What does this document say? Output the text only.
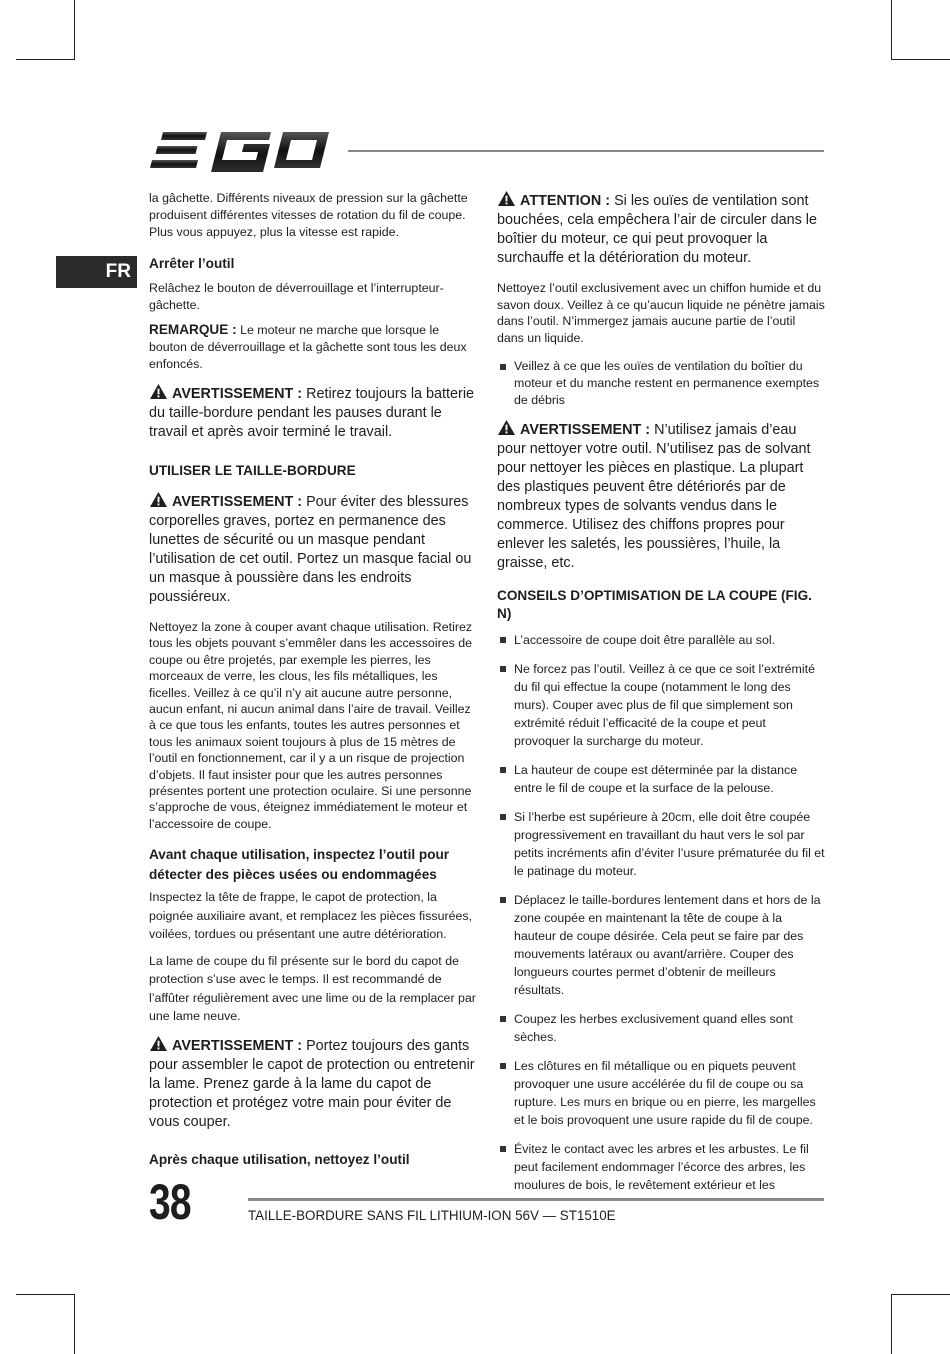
FR

la gâchette. Différents niveaux de pression sur la gâchette produisent différentes vitesses de rotation du fil de coupe. Plus vous appuyez, plus la vitesse est rapide.

Arrêter l’outil

Relâchez le bouton de déverrouillage et l’interrupteur-gâchette.

REMARQUE : Le moteur ne marche que lorsque le bouton de déverrouillage et la gâchette sont tous les deux enfoncés.

AVERTISSEMENT : Retirez toujours la batterie du taille-bordure pendant les pauses durant le travail et après avoir terminé le travail.

UTILISER LE TAILLE-BORDURE

AVERTISSEMENT : Pour éviter des blessures corporelles graves, portez en permanence des lunettes de sécurité ou un masque pendant l’utilisation de cet outil. Portez un masque facial ou un masque à poussière dans les endroits poussiéreux.

Nettoyez la zone à couper avant chaque utilisation. Retirez tous les objets pouvant s’emmêler dans les accessoires de coupe ou être projetés, par exemple les pierres, les morceaux de verre, les clous, les fils métalliques, les ficelles. Veillez à ce qu’il n’y ait aucune autre personne, aucun enfant, ni aucun animal dans l’aire de travail. Veillez à ce que tous les enfants, toutes les autres personnes et tous les animaux soient toujours à plus de 15 mètres de l’outil en fonctionnement, car il y a un risque de projection d’objets. Il faut insister pour que les autres personnes présentes portent une protection oculaire. Si une personne s’approche de vous, éteignez immédiatement le moteur et l’accessoire de coupe.

Avant chaque utilisation, inspectez l’outil pour détecter des pièces usées ou endommagées

Inspectez la tête de frappe, le capot de protection, la poignée auxiliaire avant, et remplacez les pièces fissurées, voilées, tordues ou présentant une autre détérioration.

La lame de coupe du fil présente sur le bord du capot de protection s’use avec le temps. Il est recommandé de l’affûter régulièrement avec une lime ou de la remplacer par une lame neuve.

AVERTISSEMENT : Portez toujours des gants pour assembler le capot de protection ou entretenir la lame. Prenez garde à la lame du capot de protection et protégez votre main pour éviter de vous couper.

Après chaque utilisation, nettoyez l’outil

ATTENTION : Si les ouïes de ventilation sont bouchées, cela empêchera l’air de circuler dans le boîtier du moteur, ce qui peut provoquer la surchauffe et la détérioration du moteur.

Nettoyez l’outil exclusivement avec un chiffon humide et du savon doux. Veillez à ce qu’aucun liquide ne pénètre jamais dans l’outil. N’immergez jamais aucune partie de l’outil dans un liquide.

Veillez à ce que les ouïes de ventilation du boîtier du moteur et du manche restent en permanence exemptes de débris

AVERTISSEMENT : N’utilisez jamais d’eau pour nettoyer votre outil. N’utilisez pas de solvant pour nettoyer les pièces en plastique. La plupart des plastiques peuvent être détériorés par de nombreux types de solvants vendus dans le commerce. Utilisez des chiffons propres pour enlever les saletés, les poussières, l’huile, la graisse, etc.

CONSEILS D’OPTIMISATION DE LA COUPE (FIG. N)

L’accessoire de coupe doit être parallèle au sol.
Ne forcez pas l’outil. Veillez à ce que ce soit l’extrémité du fil qui effectue la coupe (notamment le long des murs). Couper avec plus de fil que simplement son extrémité réduit l’efficacité de la coupe et peut provoquer la surcharge du moteur.
La hauteur de coupe est déterminée par la distance entre le fil de coupe et la surface de la pelouse.
Si l’herbe est supérieure à 20cm, elle doit être coupée progressivement en travaillant du haut vers le sol par petits incréments afin d’éviter l’usure prématurée du fil et le patinage du moteur.
Déplacez le taille-bordures lentement dans et hors de la zone coupée en maintenant la tête de coupe à la hauteur de coupe désirée. Cela peut se faire par des mouvements latéraux ou avant/arrière. Couper des longueurs courtes permet d’obtenir de meilleurs résultats.
Coupez les herbes exclusivement quand elles sont sèches.
Les clôtures en fil métallique ou en piquets peuvent provoquer une usure accélérée du fil de coupe ou sa rupture. Les murs en brique ou en pierre, les margelles et le bois provoquent une usure rapide du fil de coupe.
Évitez le contact avec les arbres et les arbustes. Le fil peut facilement endommager l’écorce des arbres, les moulures de bois, le revêtement extérieur et les
38	TAILLE-BORDURE SANS FIL LITHIUM-ION 56V — ST1510E
